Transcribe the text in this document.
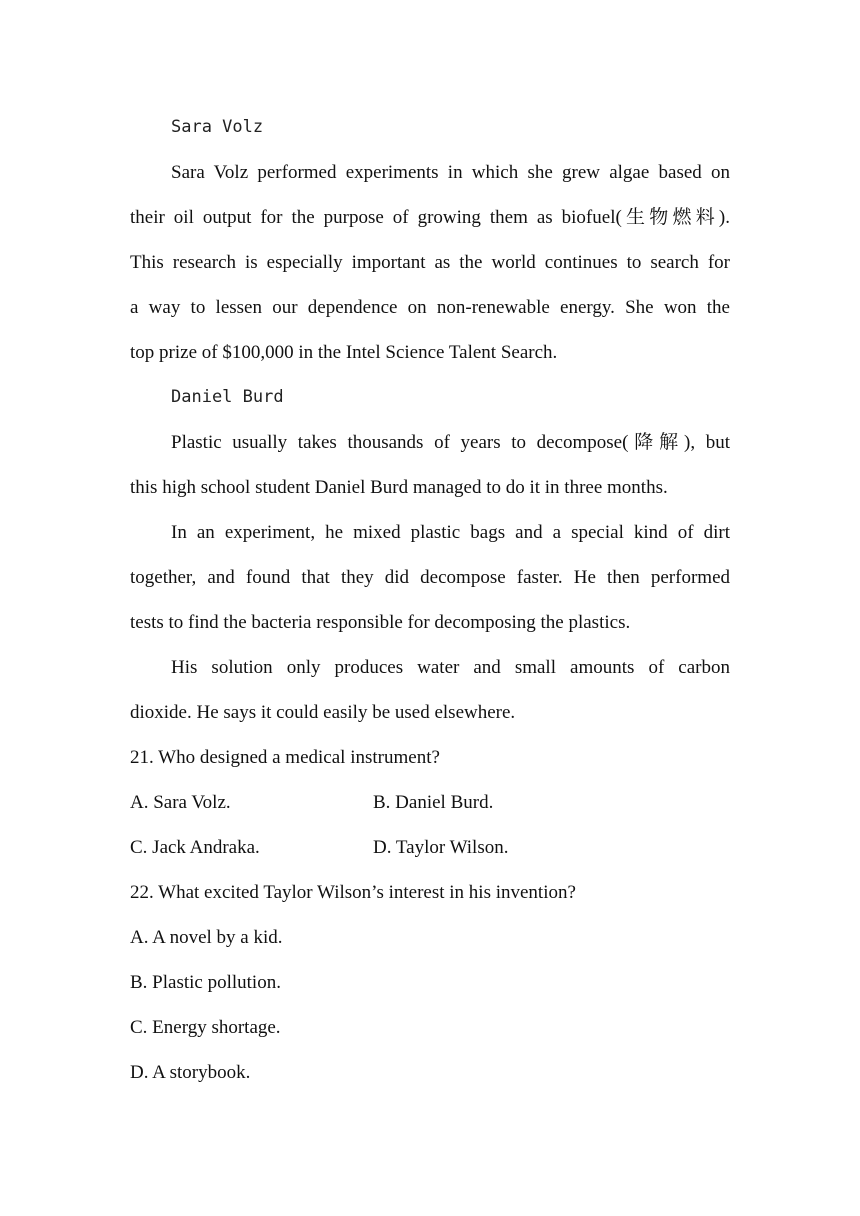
Sara Volz
Sara Volz performed experiments in which she grew algae based on
their oil output for the purpose of growing them as biofuel(生物燃料).
This research is especially important as the world continues to search for
a way to lessen our dependence on non-renewable energy. She won the
top prize of $100,000 in the Intel Science Talent Search.
Daniel Burd
Plastic usually takes thousands of years to decompose(降解), but
this high school student Daniel Burd managed to do it in three months.
In an experiment, he mixed plastic bags and a special kind of dirt
together, and found that they did decompose faster. He then performed
tests to find the bacteria responsible for decomposing the plastics.
His solution only produces water and small amounts of carbon
dioxide. He says it could easily be used elsewhere.
21. Who designed a medical instrument?
A. Sara Volz.	B. Daniel Burd.
C. Jack Andraka.	D. Taylor Wilson.
22. What excited Taylor Wilson’s interest in his invention?
A. A novel by a kid.
B. Plastic pollution.
C. Energy shortage.
D. A storybook.
